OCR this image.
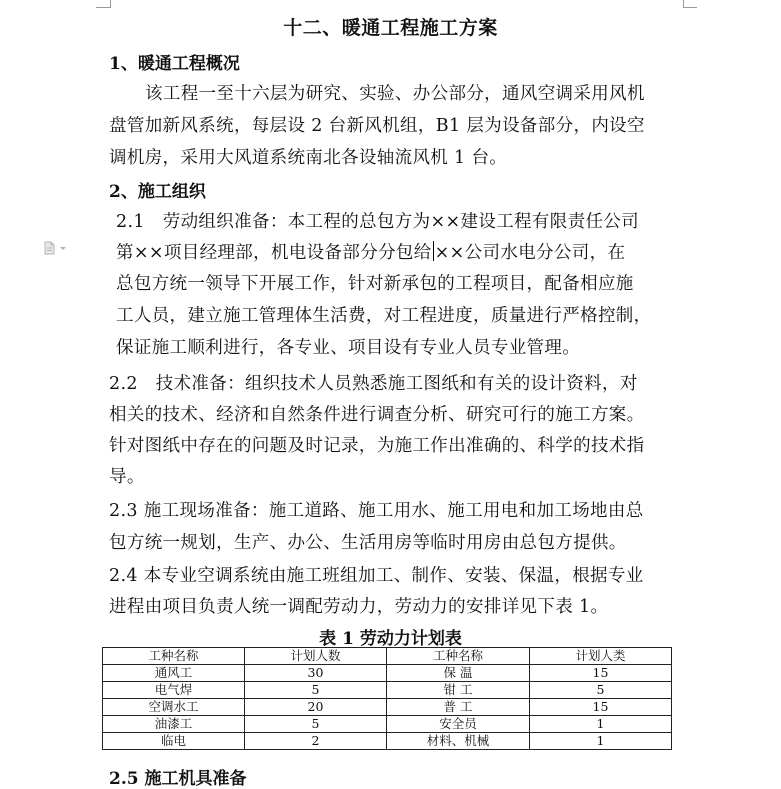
十二、暖通工程施工方案
1、暖通工程概况
该工程一至十六层为研究、实验、办公部分，通风空调采用风机
盘管加新风系统，每层设 2 台新风机组，B1 层为设备部分，内设空
调机房，采用大风道系统南北各设轴流风机 1 台。
2、施工组织
2.1　劳动组织准备：本工程的总包方为××建设工程有限责任公司
第××项目经理部，机电设备部分分包给 ××公司水电分公司，在
总包方统一领导下开展工作，针对新承包的工程项目，配备相应施
工人员，建立施工管理体生活费，对工程进度，质量进行严格控制，
保证施工顺利进行，各专业、项目设有专业人员专业管理。
2.2　技术准备：组织技术人员熟悉施工图纸和有关的设计资料，对
相关的技术、经济和自然条件进行调查分析、研究可行的施工方案。
针对图纸中存在的问题及时记录，为施工作出准确的、科学的技术指
导。
2.3 施工现场准备：施工道路、施工用水、施工用电和加工场地由总
包方统一规划，生产、办公、生活用房等临时用房由总包方提供。
2.4 本专业空调系统由施工班组加工、制作、安装、保温，根据专业
进程由项目负责人统一调配劳动力，劳动力的安排详见下表 1。
表 1 劳动力计划表
工种名称	计划人数	工种名称	计划人类
通风工	30	保 温	15
电气焊	5	钳 工	5
空调水工	20	普 工	15
油漆工	5	安全员	1
临电	2	材料、机械	1
2.5 施工机具准备
